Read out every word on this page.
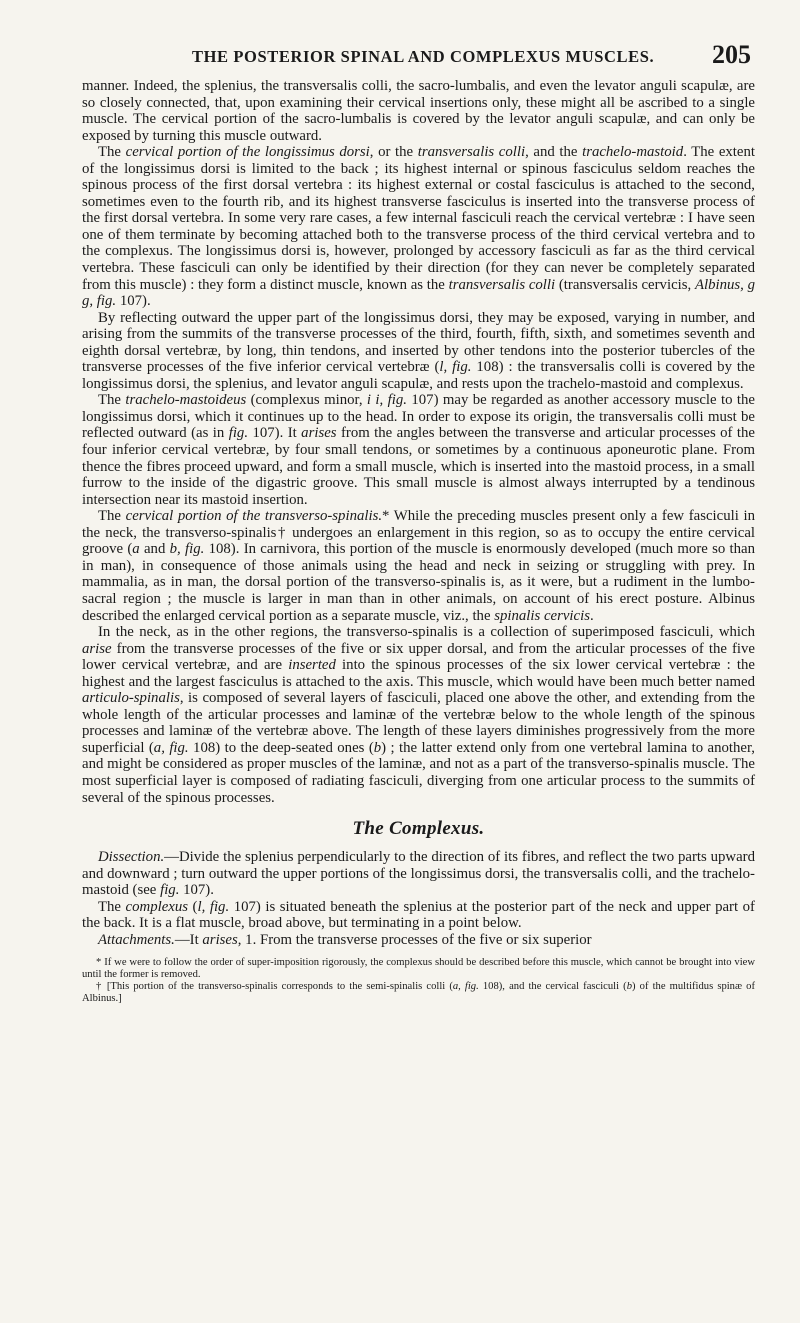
THE POSTERIOR SPINAL AND COMPLEXUS MUSCLES. 205

manner. Indeed, the splenius, the transversalis colli, the sacro-lumbalis, and even the levator anguli scapulæ, are so closely connected, that, upon examining their cervical insertions only, these might all be ascribed to a single muscle. The cervical portion of the sacro-lumbalis is covered by the levator anguli scapulæ, and can only be exposed by turning this muscle outward.

The cervical portion of the longissimus dorsi, or the transversalis colli, and the trachelo-mastoid. The extent of the longissimus dorsi is limited to the back ; its highest internal or spinous fasciculus seldom reaches the spinous process of the first dorsal vertebra : its highest external or costal fasciculus is attached to the second, sometimes even to the fourth rib, and its highest transverse fasciculus is inserted into the transverse process of the first dorsal vertebra. In some very rare cases, a few internal fasciculi reach the cervical vertebræ : I have seen one of them terminate by becoming attached both to the transverse process of the third cervical vertebra and to the complexus. The longissimus dorsi is, however, prolonged by accessory fasciculi as far as the third cervical vertebra. These fasciculi can only be identified by their direction (for they can never be completely separated from this muscle) : they form a distinct muscle, known as the transversalis colli (transversalis cervicis, Albinus, g g, fig. 107).

By reflecting outward the upper part of the longissimus dorsi, they may be exposed, varying in number, and arising from the summits of the transverse processes of the third, fourth, fifth, sixth, and sometimes seventh and eighth dorsal vertebræ, by long, thin tendons, and inserted by other tendons into the posterior tubercles of the transverse processes of the five inferior cervical vertebræ (l, fig. 108) : the transversalis colli is covered by the longissimus dorsi, the splenius, and levator anguli scapulæ, and rests upon the trachelo-mastoid and complexus.

The trachelo-mastoideus (complexus minor, i i, fig. 107) may be regarded as another accessory muscle to the longissimus dorsi, which it continues up to the head. In order to expose its origin, the transversalis colli must be reflected outward (as in fig. 107). It arises from the angles between the transverse and articular processes of the four inferior cervical vertebræ, by four small tendons, or sometimes by a continuous aponeurotic plane. From thence the fibres proceed upward, and form a small muscle, which is inserted into the mastoid process, in a small furrow to the inside of the digastric groove. This small muscle is almost always interrupted by a tendinous intersection near its mastoid insertion.

The cervical portion of the transverso-spinalis.* While the preceding muscles present only a few fasciculi in the neck, the transverso-spinalis† undergoes an enlargement in this region, so as to occupy the entire cervical groove (a and b, fig. 108). In carnivora, this portion of the muscle is enormously developed (much more so than in man), in consequence of those animals using the head and neck in seizing or struggling with prey. In mammalia, as in man, the dorsal portion of the transverso-spinalis is, as it were, but a rudiment in the lumbo-sacral region ; the muscle is larger in man than in other animals, on account of his erect posture. Albinus described the enlarged cervical portion as a separate muscle, viz., the spinalis cervicis.

In the neck, as in the other regions, the transverso-spinalis is a collection of superimposed fasciculi, which arise from the transverse processes of the five or six upper dorsal, and from the articular processes of the five lower cervical vertebræ, and are inserted into the spinous processes of the six lower cervical vertebræ : the highest and the largest fasciculus is attached to the axis. This muscle, which would have been much better named articulo-spinalis, is composed of several layers of fasciculi, placed one above the other, and extending from the whole length of the articular processes and laminæ of the vertebræ below to the whole length of the spinous processes and laminæ of the vertebræ above. The length of these layers diminishes progressively from the more superficial (a, fig. 108) to the deep-seated ones (b) ; the latter extend only from one vertebral lamina to another, and might be considered as proper muscles of the laminæ, and not as a part of the transverso-spinalis muscle. The most superficial layer is composed of radiating fasciculi, diverging from one articular process to the summits of several of the spinous processes.

The Complexus.

Dissection.—Divide the splenius perpendicularly to the direction of its fibres, and reflect the two parts upward and downward ; turn outward the upper portions of the longissimus dorsi, the transversalis colli, and the trachelo-mastoid (see fig. 107).

The complexus (l, fig. 107) is situated beneath the splenius at the posterior part of the neck and upper part of the back. It is a flat muscle, broad above, but terminating in a point below.

Attachments.—It arises, 1. From the transverse processes of the five or six superior

* If we were to follow the order of super-imposition rigorously, the complexus should be described before this muscle, which cannot be brought into view until the former is removed.

† [This portion of the transverso-spinalis corresponds to the semi-spinalis colli (a, fig. 108), and the cervical fasciculi (b) of the multifidus spinæ of Albinus.]
